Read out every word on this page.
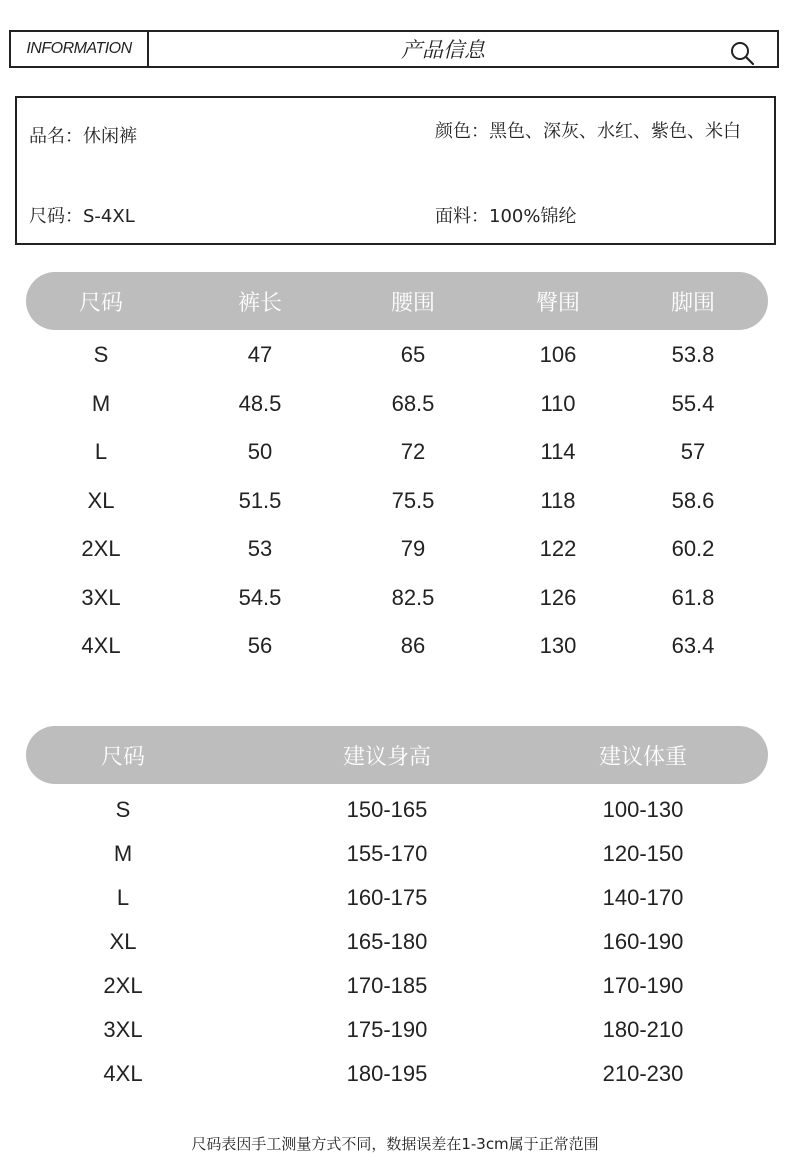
INFORMATION	产品信息
品名：休闲裤	颜色：黑色、深灰、水红、紫色、米白
尺码：S-4XL	面料：100%锦纶
尺码	裤长	腰围	臀围	脚围
S	47	65	106	53.8
M	48.5	68.5	110	55.4
L	50	72	114	57
XL	51.5	75.5	118	58.6
2XL	53	79	122	60.2
3XL	54.5	82.5	126	61.8
4XL	56	86	130	63.4
尺码	建议身高	建议体重
S	150-165	100-130
M	155-170	120-150
L	160-175	140-170
XL	165-180	160-190
2XL	170-185	170-190
3XL	175-190	180-210
4XL	180-195	210-230
尺码表因手工测量方式不同，数据误差在1-3cm属于正常范围
